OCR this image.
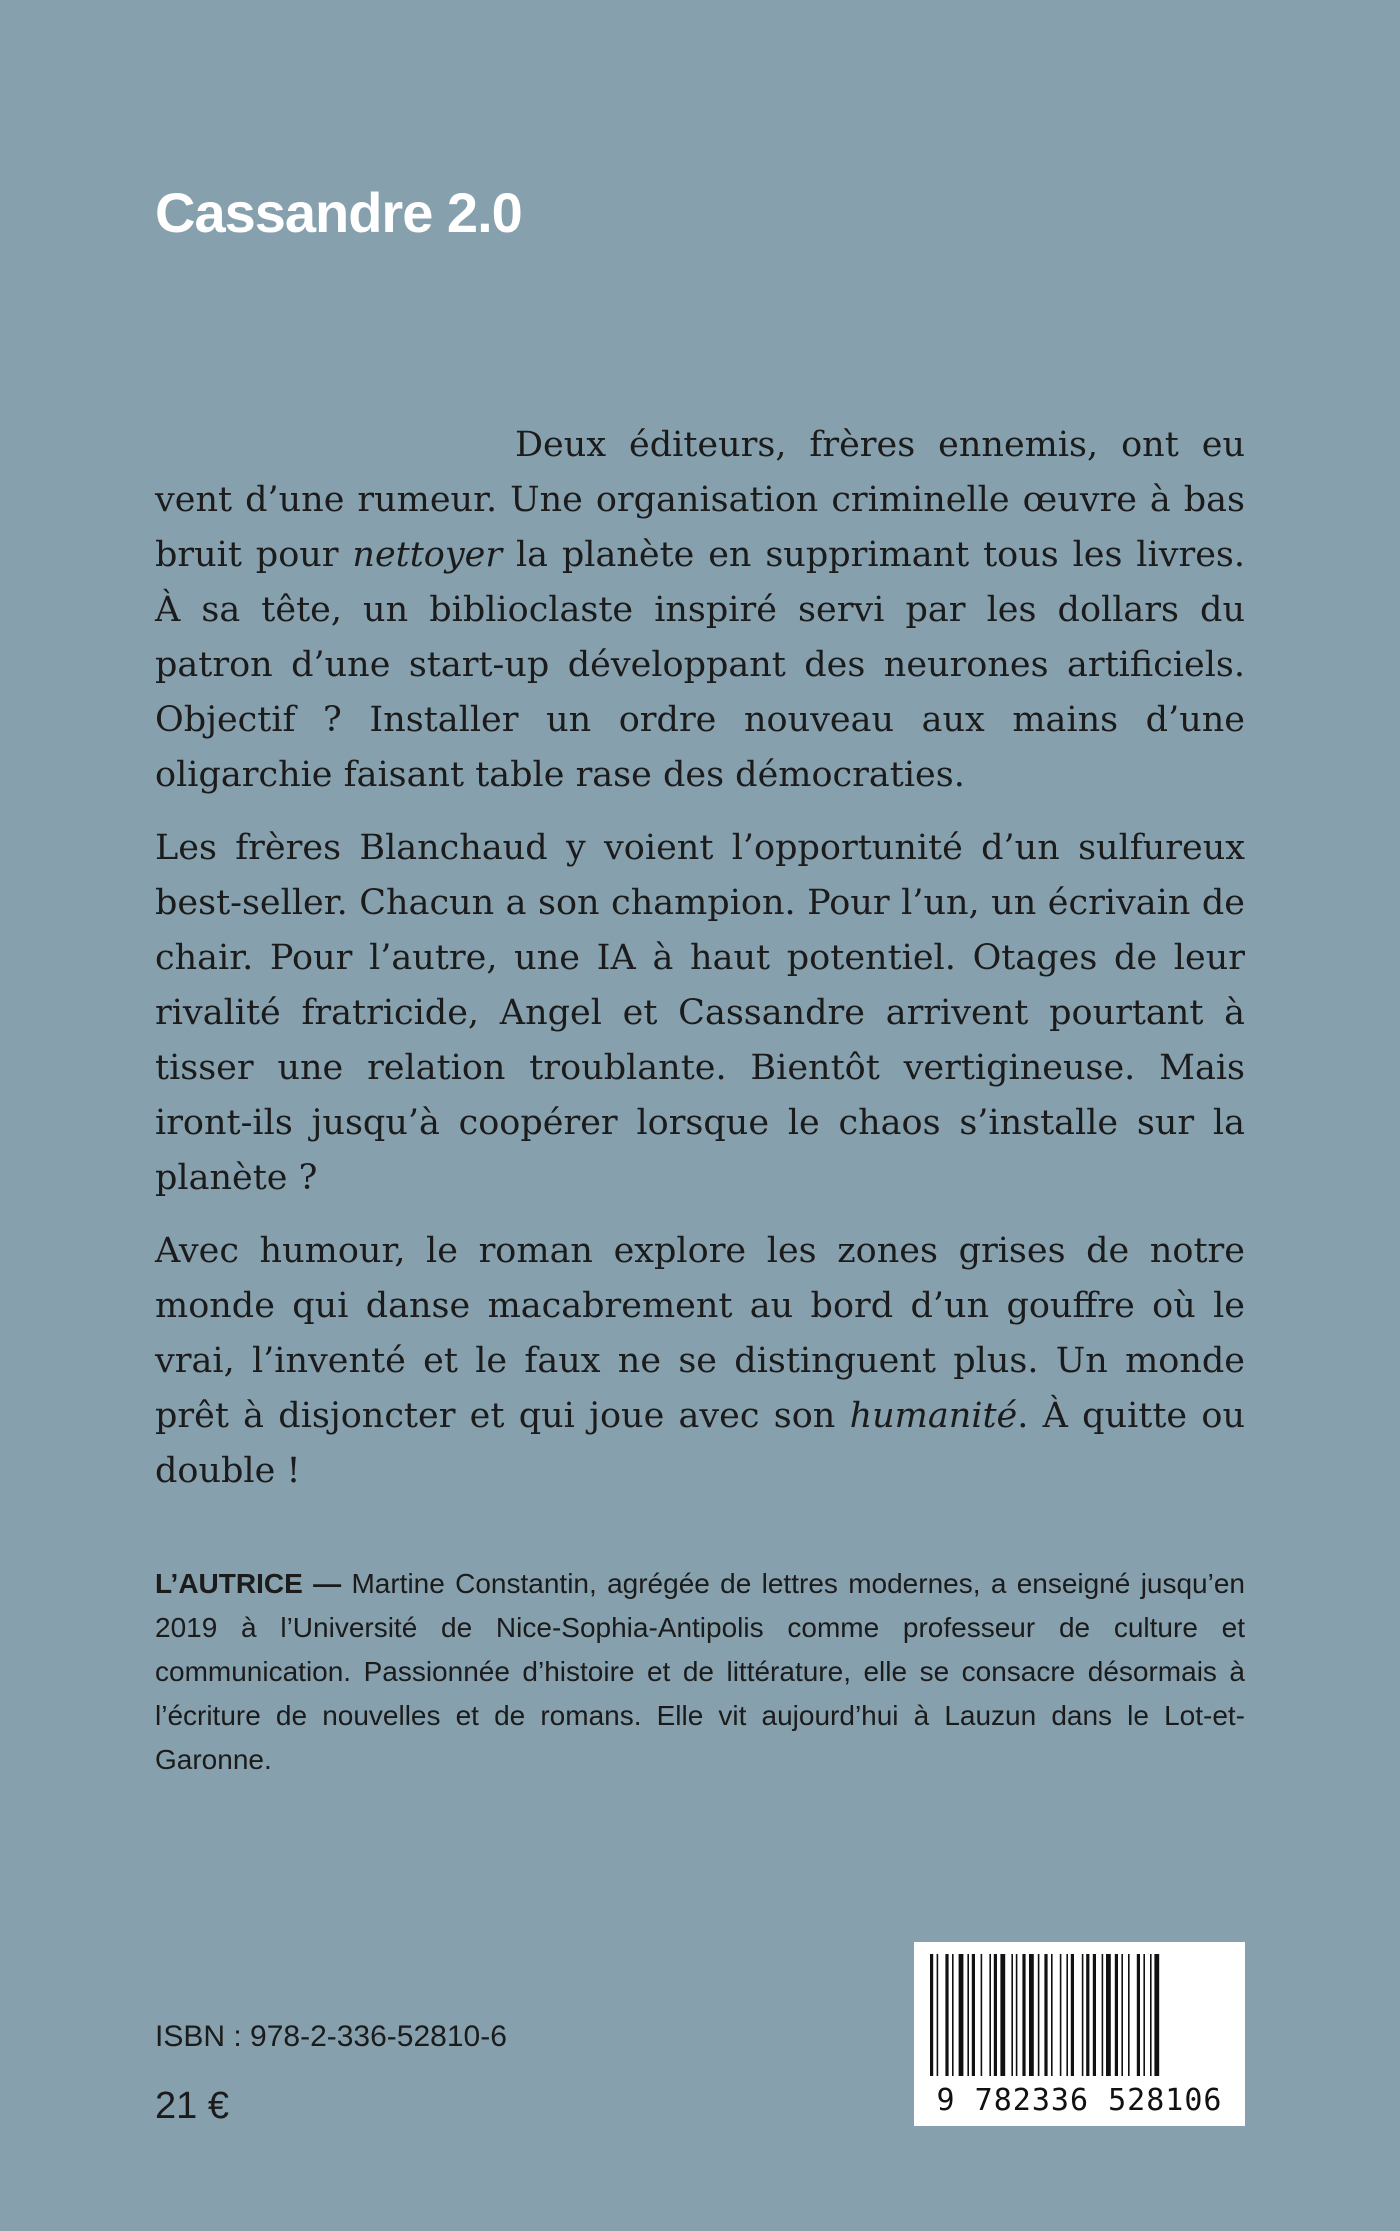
Cassandre 2.0

Deux éditeurs, frères ennemis, ont eu vent d’une rumeur. Une organisation criminelle œuvre à bas bruit pour nettoyer la planète en supprimant tous les livres. À sa tête, un biblioclaste inspiré servi par les dollars du patron d’une start-up développant des neurones artificiels. Objectif ? Installer un ordre nouveau aux mains d’une oligarchie faisant table rase des démocraties.

Les frères Blanchaud y voient l’opportunité d’un sulfureux best-seller. Chacun a son champion. Pour l’un, un écrivain de chair. Pour l’autre, une IA à haut potentiel. Otages de leur rivalité fratricide, Angel et Cassandre arrivent pourtant à tisser une relation troublante. Bientôt vertigineuse. Mais iront-ils jusqu’à coopérer lorsque le chaos s’installe sur la planète ?

Avec humour, le roman explore les zones grises de notre monde qui danse macabrement au bord d’un gouffre où le vrai, l’inventé et le faux ne se distinguent plus. Un monde prêt à disjoncter et qui joue avec son humanité. À quitte ou double !

L’AUTRICE — Martine Constantin, agrégée de lettres modernes, a enseigné jusqu’en 2019 à l’Université de Nice-Sophia-Antipolis comme professeur de culture et communication. Passionnée d’histoire et de littérature, elle se consacre désormais à l’écriture de nouvelles et de romans. Elle vit aujourd’hui à Lauzun dans le Lot-et-Garonne.
ISBN : 978-2-336-52810-6
21 €	9 782336 528106
